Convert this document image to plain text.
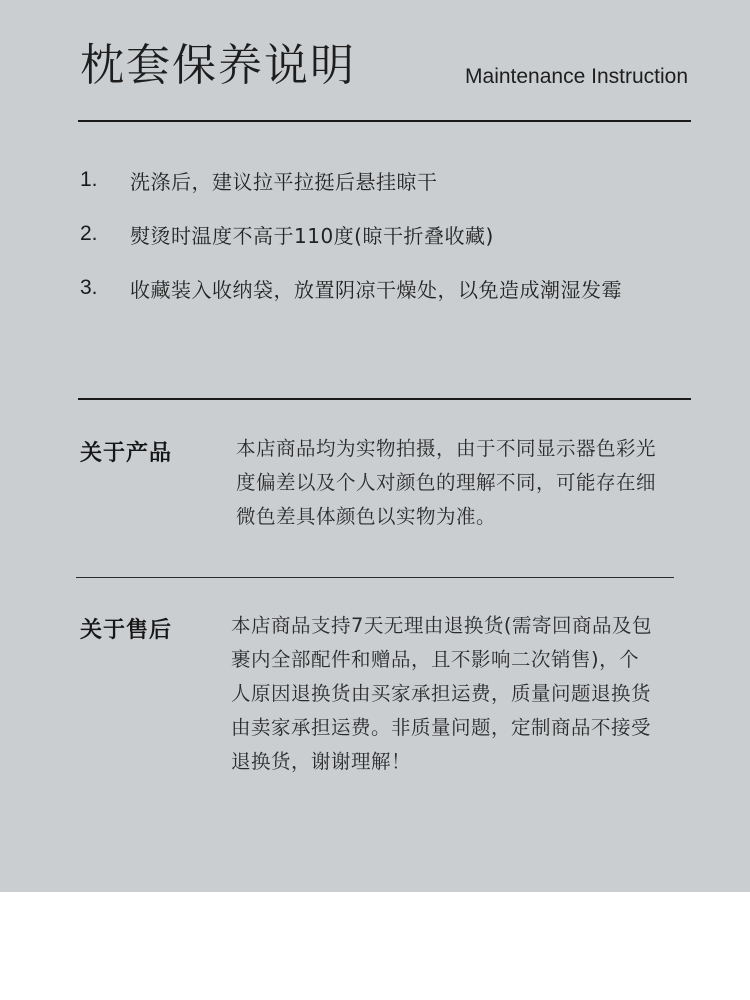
枕套保养说明	Maintenance Instruction
1.	洗涤后，建议拉平拉挺后悬挂晾干
2.	熨烫时温度不高于110度(晾干折叠收藏)
3.	收藏装入收纳袋，放置阴凉干燥处，以免造成潮湿发霉
关于产品	本店商品均为实物拍摄，由于不同显示器色彩光
度偏差以及个人对颜色的理解不同，可能存在细
微色差具体颜色以实物为准。
关于售后	本店商品支持7天无理由退换货(需寄回商品及包
裹内全部配件和赠品，且不影响二次销售)，个
人原因退换货由买家承担运费，质量问题退换货
由卖家承担运费。非质量问题，定制商品不接受
退换货，谢谢理解！
